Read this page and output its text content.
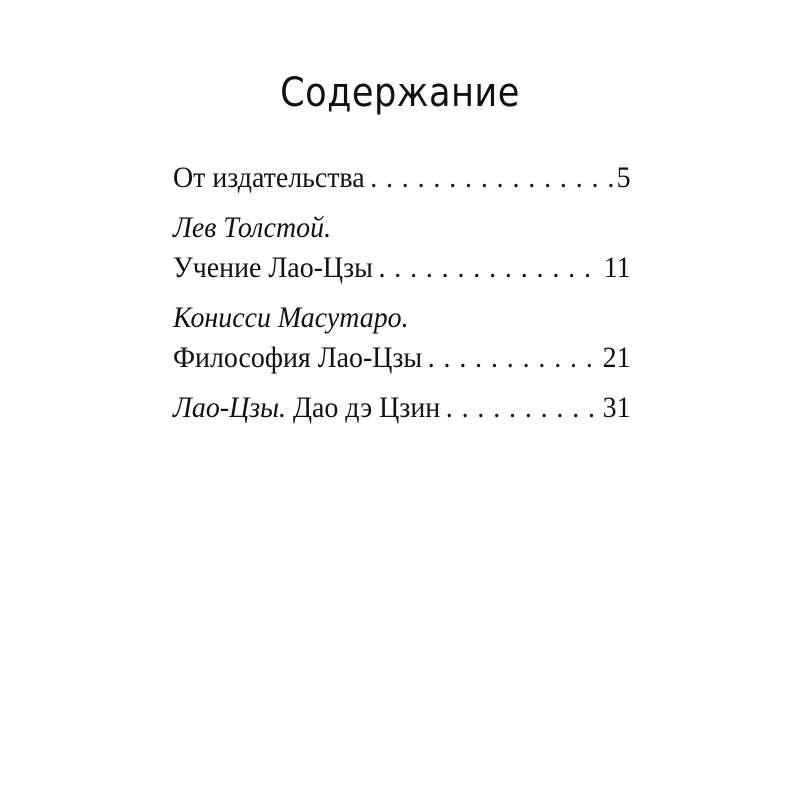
Содержание
От издательства . . .	5
Лев Толстой.
Учение Лао-Цзы . . .	11
Конисси Масутаро.
Философия Лао-Цзы . . .	21
Лао-Цзы. Дао дэ Цзин . . .	31
